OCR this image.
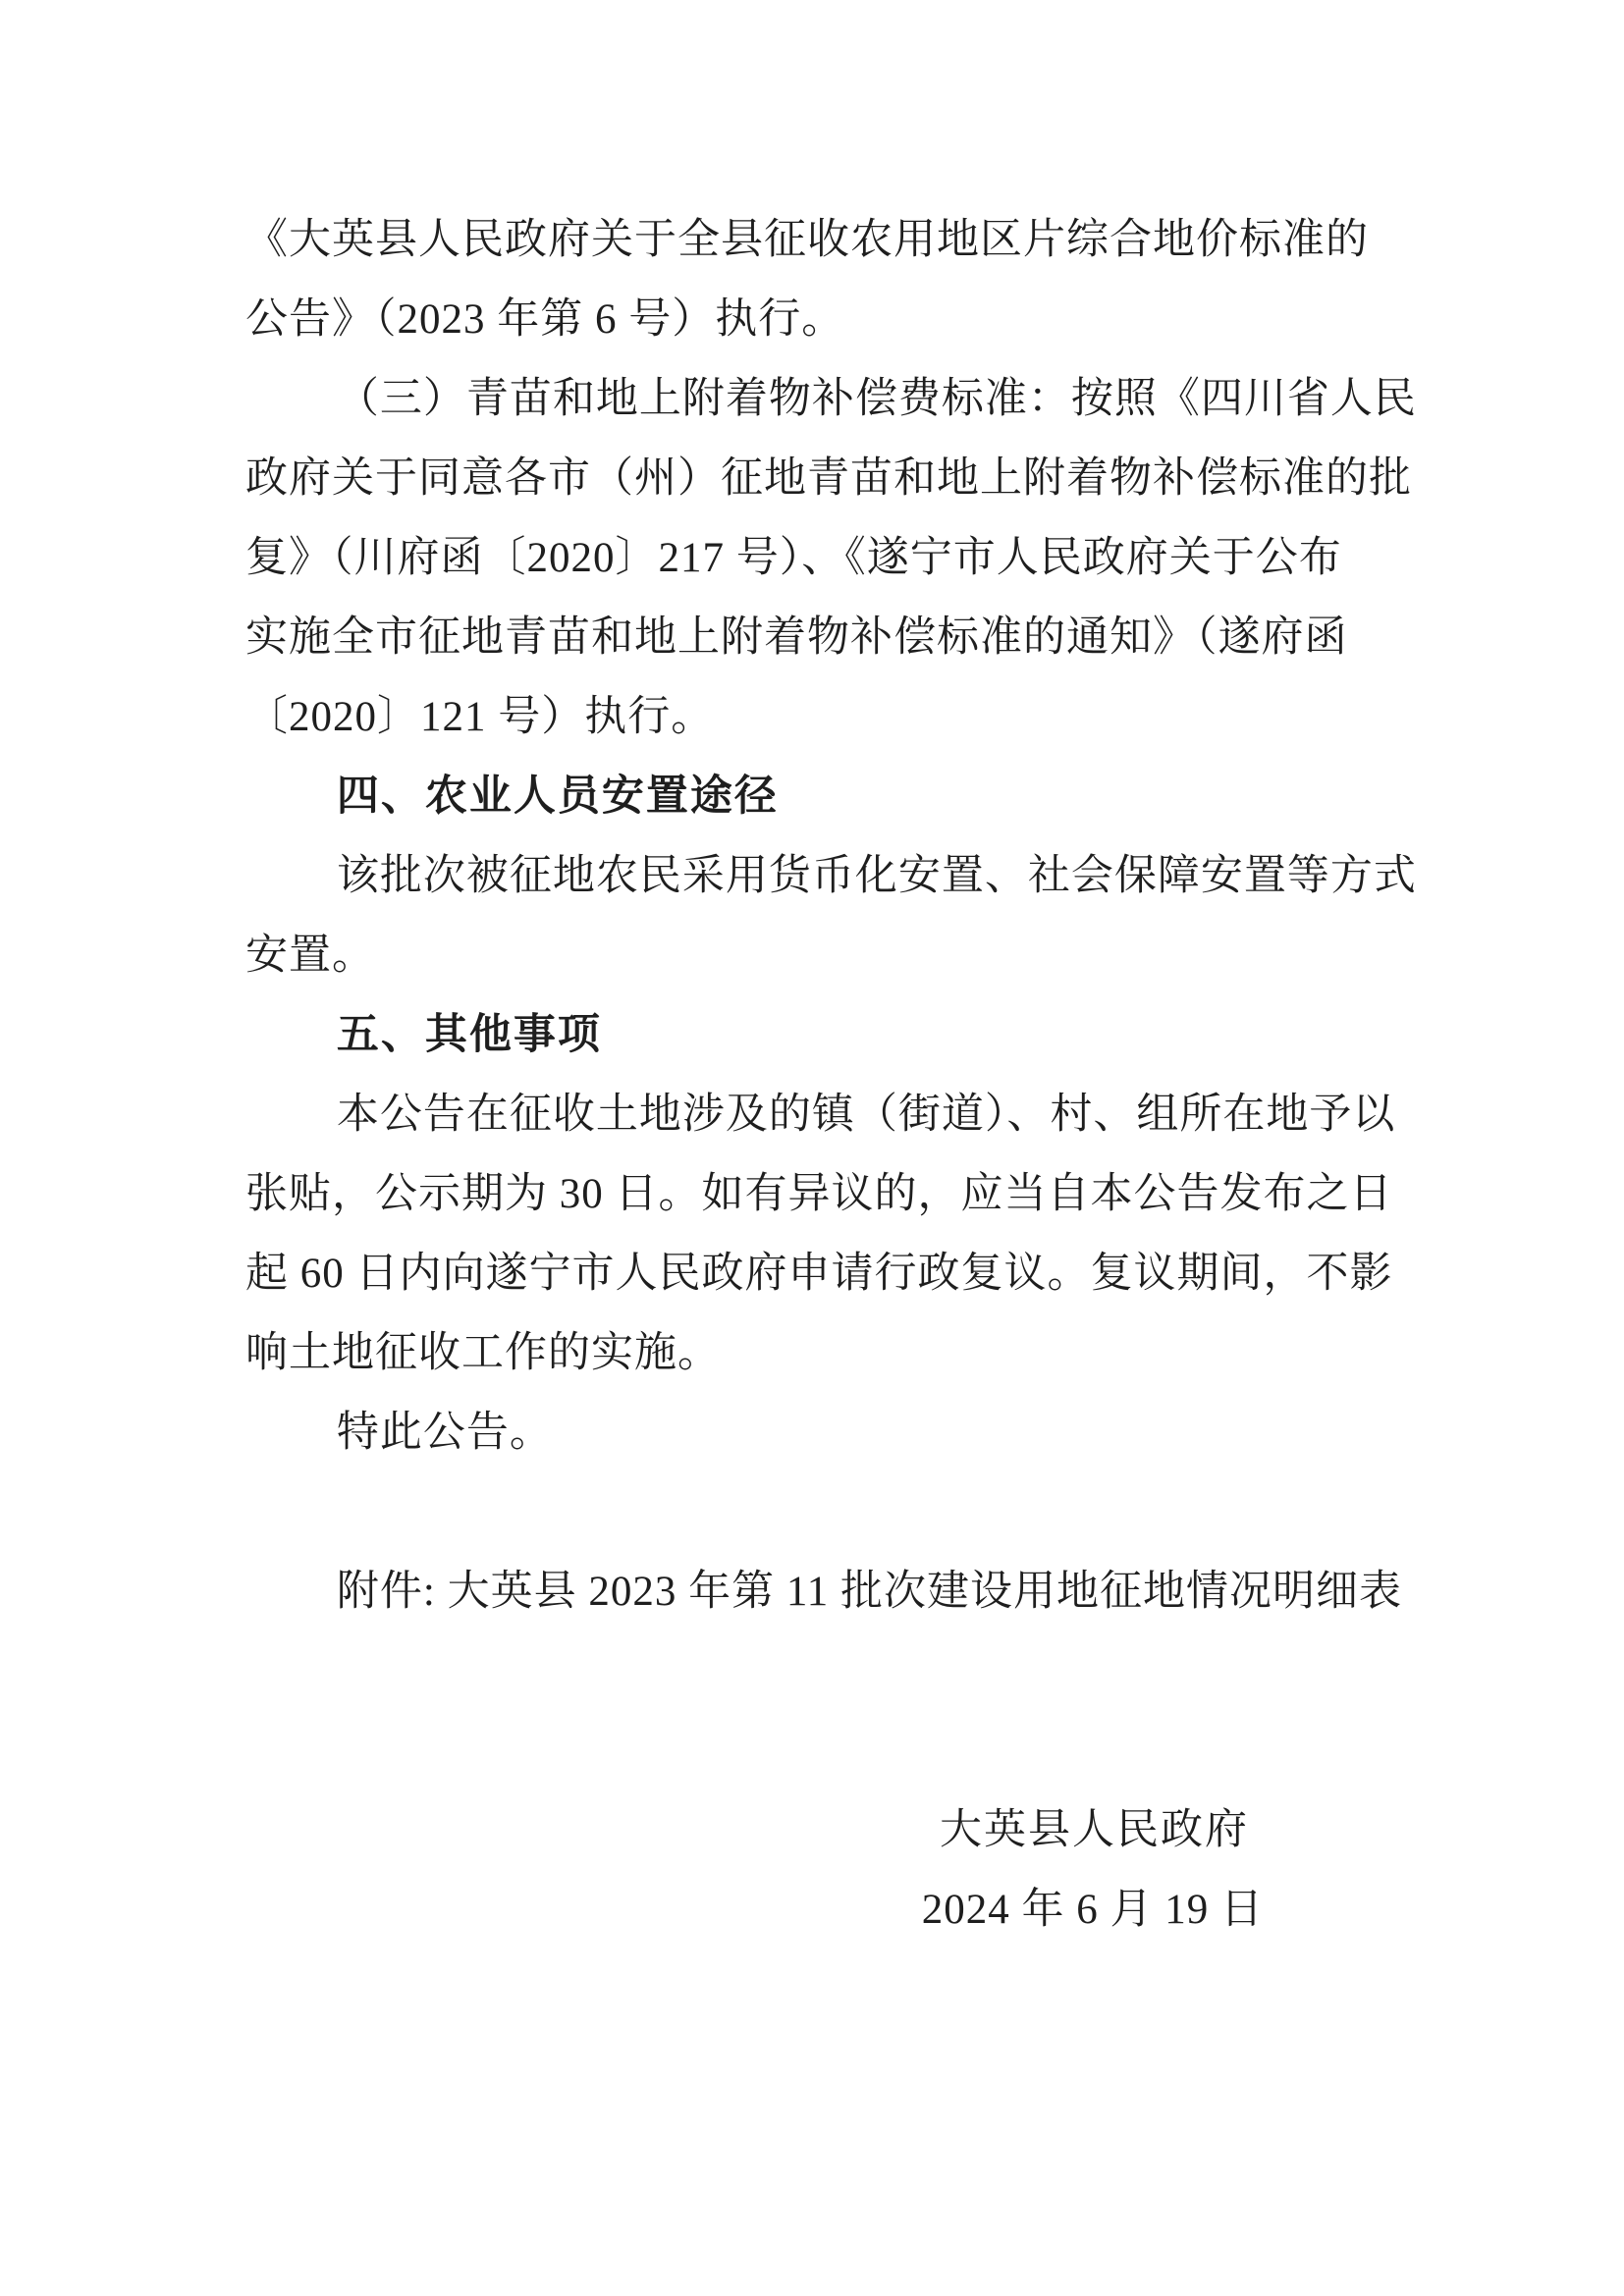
《大英县人民政府关于全县征收农用地区片综合地价标准的

公告》（2023 年第 6 号）执行。

（三）青苗和地上附着物补偿费标准：按照《四川省人民

政府关于同意各市（州）征地青苗和地上附着物补偿标准的批

复》（川府函〔2020〕217 号）、《遂宁市人民政府关于公布

实施全市征地青苗和地上附着物补偿标准的通知》（遂府函

〔2020〕121 号）执行。

四、农业人员安置途径

该批次被征地农民采用货币化安置、社会保障安置等方式

安置。

五、其他事项

本公告在征收土地涉及的镇（街道）、村、组所在地予以

张贴，公示期为 30 日。如有异议的，应当自本公告发布之日

起 60 日内向遂宁市人民政府申请行政复议。复议期间，不影

响土地征收工作的实施。

特此公告。

附件: 大英县 2023 年第 11 批次建设用地征地情况明细表

大英县人民政府

2024 年 6 月 19 日
